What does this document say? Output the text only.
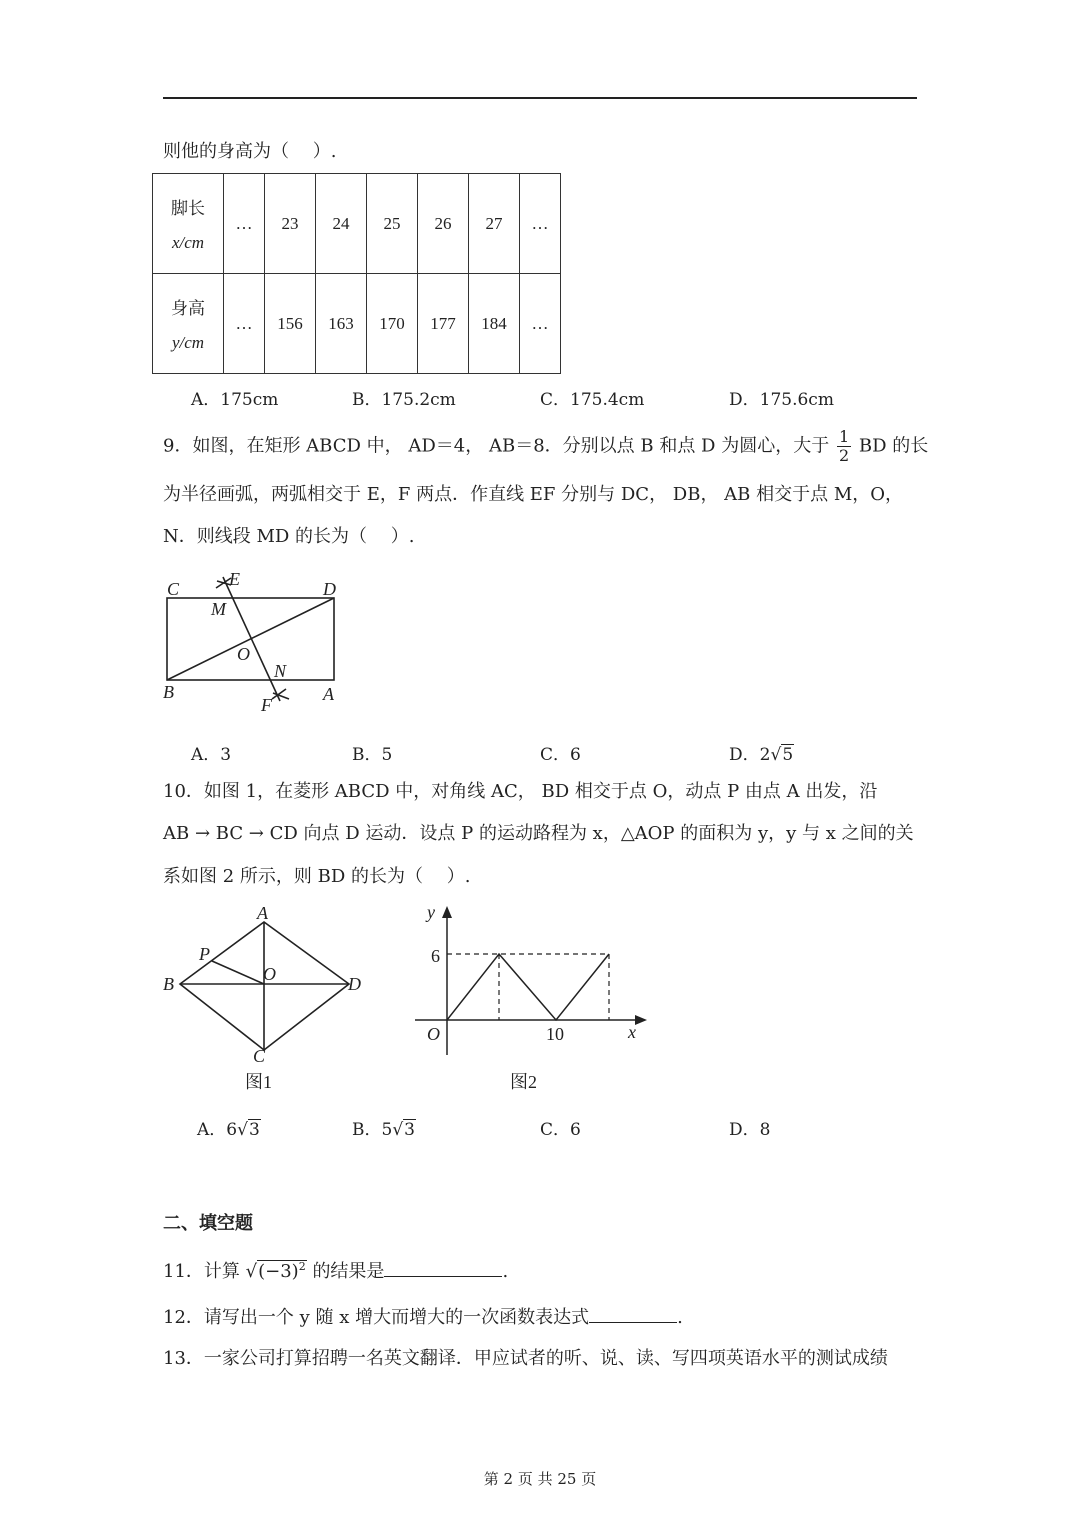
则他的身高为（　 ）.
脚长
x/cm	…	23	24	25	26	27	…

身高
y/cm	…	156	163	170	177	184	…
A．175cm	B．175.2cm	C．175.4cm	D．175.6cm
9．如图，在矩形 ABCD 中， AD＝4， AB＝8．分别以点 B 和点 D 为圆心，大于 $\frac{1}{2}$ BD 的长
为半径画弧，两弧相交于 E，F 两点．作直线 EF 分别与 DC， DB， AB 相交于点 M，O，
N．则线段 MD 的长为（　 ）.
C	E	D
M
O
N
B
F
A
A．3	B．5	C．6	D．2√5
10．如图 1，在菱形 ABCD 中，对角线 AC， BD 相交于点 O，动点 P 由点 A 出发，沿
AB → BC → CD 向点 D 运动．设点 P 的运动路程为 x，△AOP 的面积为 y，y 与 x 之间的关
系如图 2 所示，则 BD 的长为（　 ）.
A
P
O
B	D
C
图1
y
6
O	10	x
图2
A．6√3	B．5√3	C．6	D．8
二、填空题
11．计算 $√(-3)^2$ 的结果是	.
12．请写出一个 y 随 x 增大而增大的一次函数表达式	.
13．一家公司打算招聘一名英文翻译．甲应试者的听、说、读、写四项英语水平的测试成绩
第 2 页 共 25 页
